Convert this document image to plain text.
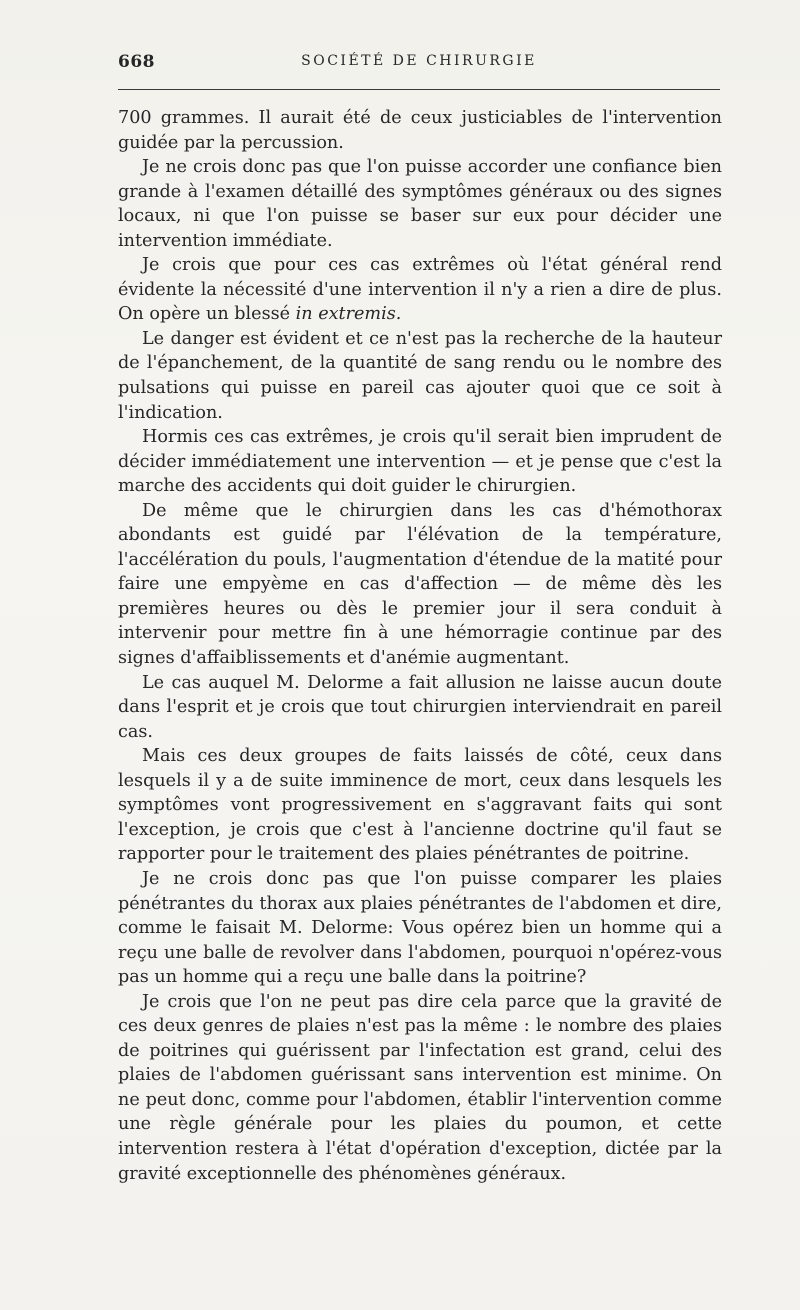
668	SOCIÉTÉ DE CHIRURGIE

700 grammes. Il aurait été de ceux justiciables de l'intervention guidée par la percussion.

Je ne crois donc pas que l'on puisse accorder une confiance bien grande à l'examen détaillé des symptômes généraux ou des signes locaux, ni que l'on puisse se baser sur eux pour décider une intervention immédiate.

Je crois que pour ces cas extrêmes où l'état général rend évidente la nécessité d'une intervention il n'y a rien a dire de plus. On opère un blessé in extremis.

Le danger est évident et ce n'est pas la recherche de la hauteur de l'épanchement, de la quantité de sang rendu ou le nombre des pulsations qui puisse en pareil cas ajouter quoi que ce soit à l'indication.

Hormis ces cas extrêmes, je crois qu'il serait bien imprudent de décider immédiatement une intervention — et je pense que c'est la marche des accidents qui doit guider le chirurgien.

De même que le chirurgien dans les cas d'hémothorax abondants est guidé par l'élévation de la température, l'accélération du pouls, l'augmentation d'étendue de la matité pour faire une empyème en cas d'affection — de même dès les premières heures ou dès le premier jour il sera conduit à intervenir pour mettre fin à une hémorragie continue par des signes d'affaiblissements et d'anémie augmentant.

Le cas auquel M. Delorme a fait allusion ne laisse aucun doute dans l'esprit et je crois que tout chirurgien interviendrait en pareil cas.

Mais ces deux groupes de faits laissés de côté, ceux dans lesquels il y a de suite imminence de mort, ceux dans lesquels les symptômes vont progressivement en s'aggravant faits qui sont l'exception, je crois que c'est à l'ancienne doctrine qu'il faut se rapporter pour le traitement des plaies pénétrantes de poitrine.

Je ne crois donc pas que l'on puisse comparer les plaies pénétrantes du thorax aux plaies pénétrantes de l'abdomen et dire, comme le faisait M. Delorme: Vous opérez bien un homme qui a reçu une balle de revolver dans l'abdomen, pourquoi n'opérez-vous pas un homme qui a reçu une balle dans la poitrine?

Je crois que l'on ne peut pas dire cela parce que la gravité de ces deux genres de plaies n'est pas la même : le nombre des plaies de poitrines qui guérissent par l'infectation est grand, celui des plaies de l'abdomen guérissant sans intervention est minime. On ne peut donc, comme pour l'abdomen, établir l'intervention comme une règle générale pour les plaies du poumon, et cette intervention restera à l'état d'opération d'exception, dictée par la gravité exceptionnelle des phénomènes généraux.
